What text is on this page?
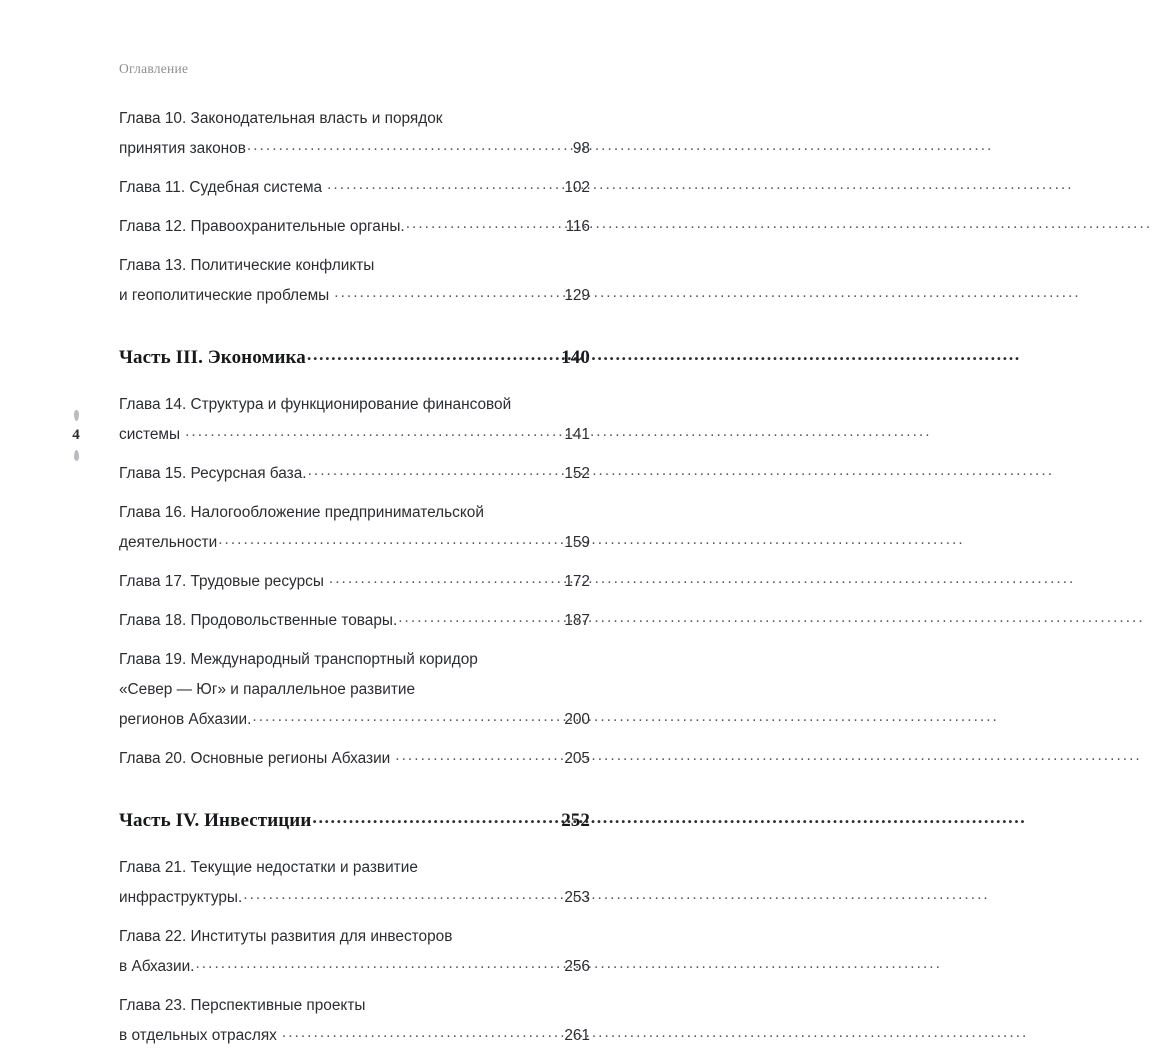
Оглавление
4
Глава 10. Законодательная власть и порядок
принятия законов .....	98
Глава 11. Судебная система .....	102
Глава 12. Правоохранительные органы. .....	116
Глава 13. Политические конфликты
и геополитические проблемы .....	129
Часть III. Экономика .....	140
Глава 14. Структура и функционирование финансовой
системы .....	141
Глава 15. Ресурсная база. .....	152
Глава 16. Налогообложение предпринимательской
деятельности .....	159
Глава 17. Трудовые ресурсы .....	172
Глава 18. Продовольственные товары. .....	187
Глава 19. Международный транспортный коридор
«Север — Юг» и параллельное развитие
регионов Абхазии. .....	200
Глава 20. Основные регионы Абхазии .....	205
Часть IV. Инвестиции .....	252
Глава 21. Текущие недостатки и развитие
инфраструктуры. .....	253
Глава 22. Институты развития для инвесторов
в Абхазии. .....	256
Глава 23. Перспективные проекты
в отдельных отраслях .....	261
